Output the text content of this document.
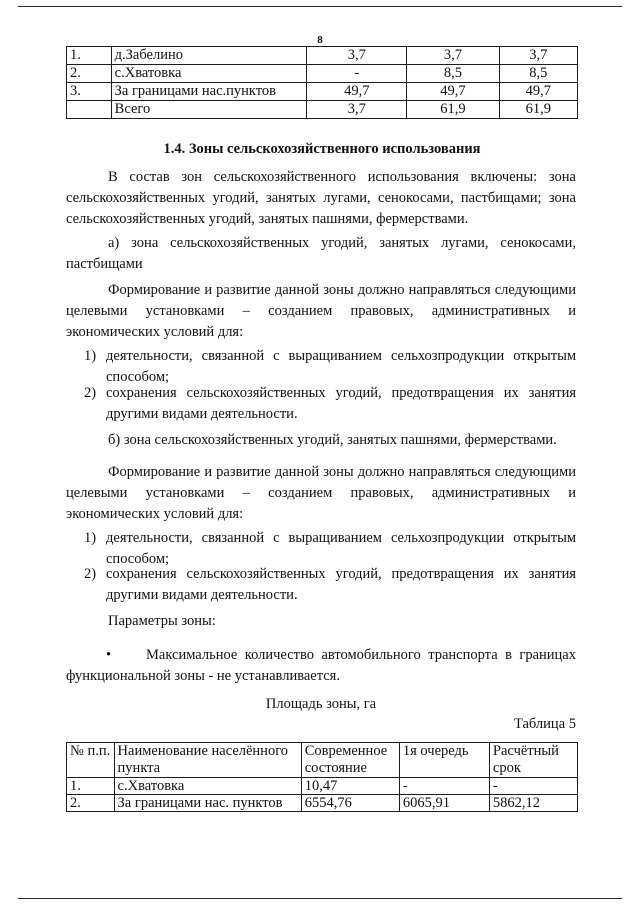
8
1.	д.Забелино	3,7	3,7	3,7
2.	с.Хватовка	-	8,5	8,5
3.	За границами нас.пунктов	49,7	49,7	49,7
	Всего	3,7	61,9	61,9
1.4. Зоны сельскохозяйственного использования
В состав зон сельскохозяйственного использования включены: зона сельскохозяйственных угодий, занятых лугами, сенокосами, пастбищами; зона сельскохозяйственных угодий, занятых пашнями, фермерствами.
а) зона сельскохозяйственных угодий, занятых лугами, сенокосами, пастбищами
Формирование и развитие данной зоны должно направляться следующими целевыми установками – созданием правовых, административных и экономических условий для:
1) деятельности, связанной с выращиванием сельхозпродукции открытым способом;
2) сохранения сельскохозяйственных угодий, предотвращения их занятия другими видами деятельности.
б) зона сельскохозяйственных угодий, занятых пашнями, фермерствами.
Формирование и развитие данной зоны должно направляться следующими целевыми установками – созданием правовых, административных и экономических условий для:
1) деятельности, связанной с выращиванием сельхозпродукции открытым способом;
2) сохранения сельскохозяйственных угодий, предотвращения их занятия другими видами деятельности.
Параметры зоны:
• Максимальное количество автомобильного транспорта в границах функциональной зоны - не устанавливается.
Площадь зоны, га
Таблица 5
№ п.п.	Наименование населённого пункта	Современное состояние	1я очередь	Расчётный срок
1.	с.Хватовка	10,47	-	-
2.	За границами нас. пунктов	6554,76	6065,91	5862,12
